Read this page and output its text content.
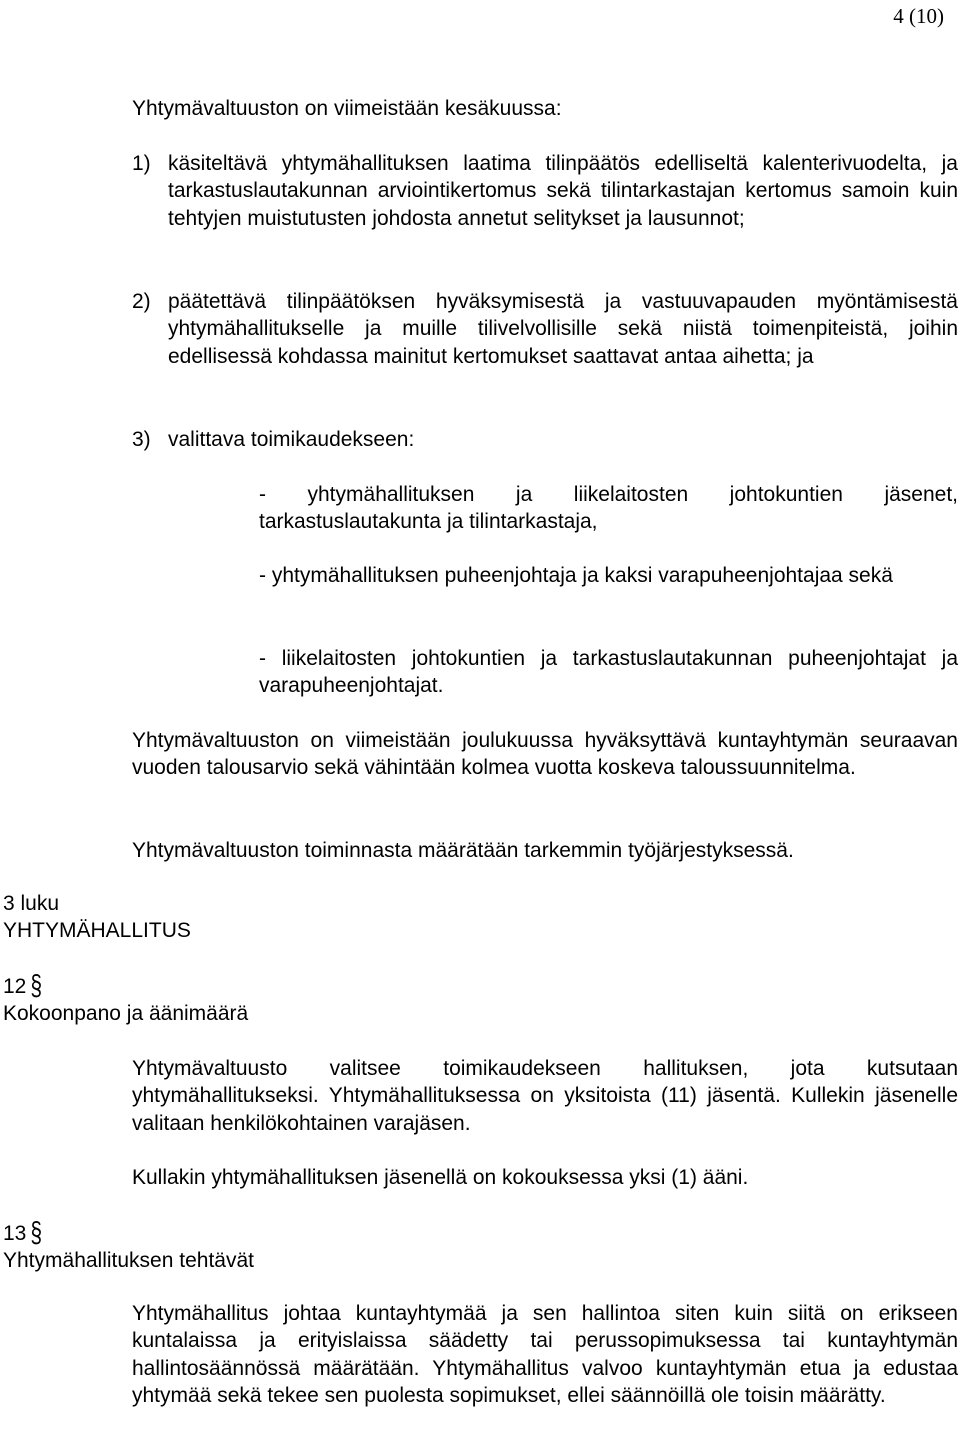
4 (10)
Yhtymävaltuuston on viimeistään kesäkuussa:
1) käsiteltävä yhtymähallituksen laatima tilinpäätös edelliseltä kalenterivuodelta, ja tarkastuslautakunnan arviointikertomus sekä tilintarkastajan kertomus samoin kuin tehtyjen muistutusten johdosta annetut selitykset ja lausunnot;
2) päätettävä tilinpäätöksen hyväksymisestä ja vastuuvapauden myöntämisestä yhtymähallitukselle ja muille tilivelvollisille sekä niistä toimenpiteistä, joihin edellisessä kohdassa mainitut kertomukset saattavat antaa aihetta; ja
3) valittava toimikaudekseen:
- yhtymähallituksen ja liikelaitosten johtokuntien jäsenet, tarkastuslautakunta ja tilintarkastaja,
- yhtymähallituksen puheenjohtaja ja kaksi varapuheenjohtajaa sekä
- liikelaitosten johtokuntien ja tarkastuslautakunnan puheenjohtajat ja varapuheenjohtajat.
Yhtymävaltuuston on viimeistään joulukuussa hyväksyttävä kuntayhtymän seuraavan vuoden talousarvio sekä vähintään kolmea vuotta koskeva taloussuunnitelma.
Yhtymävaltuuston toiminnasta määrätään tarkemmin työjärjestyksessä.
3 luku
YHTYMÄHALLITUS
12 §
Kokoonpano ja äänimäärä
Yhtymävaltuusto valitsee toimikaudekseen hallituksen, jota kutsutaan yhtymähallitukseksi. Yhtymähallituksessa on yksitoista (11) jäsentä. Kullekin jäsenelle valitaan henkilökohtainen varajäsen.
Kullakin yhtymähallituksen jäsenellä on kokouksessa yksi (1) ääni.
13 §
Yhtymähallituksen tehtävät
Yhtymähallitus johtaa kuntayhtymää ja sen hallintoa siten kuin siitä on erikseen kuntalaissa ja erityislaissa säädetty tai perussopimuksessa tai kuntayhtymän hallintosäännössä määrätään. Yhtymähallitus valvoo kuntayhtymän etua ja edustaa yhtymää sekä tekee sen puolesta sopimukset, ellei säännöillä ole toisin määrätty.
